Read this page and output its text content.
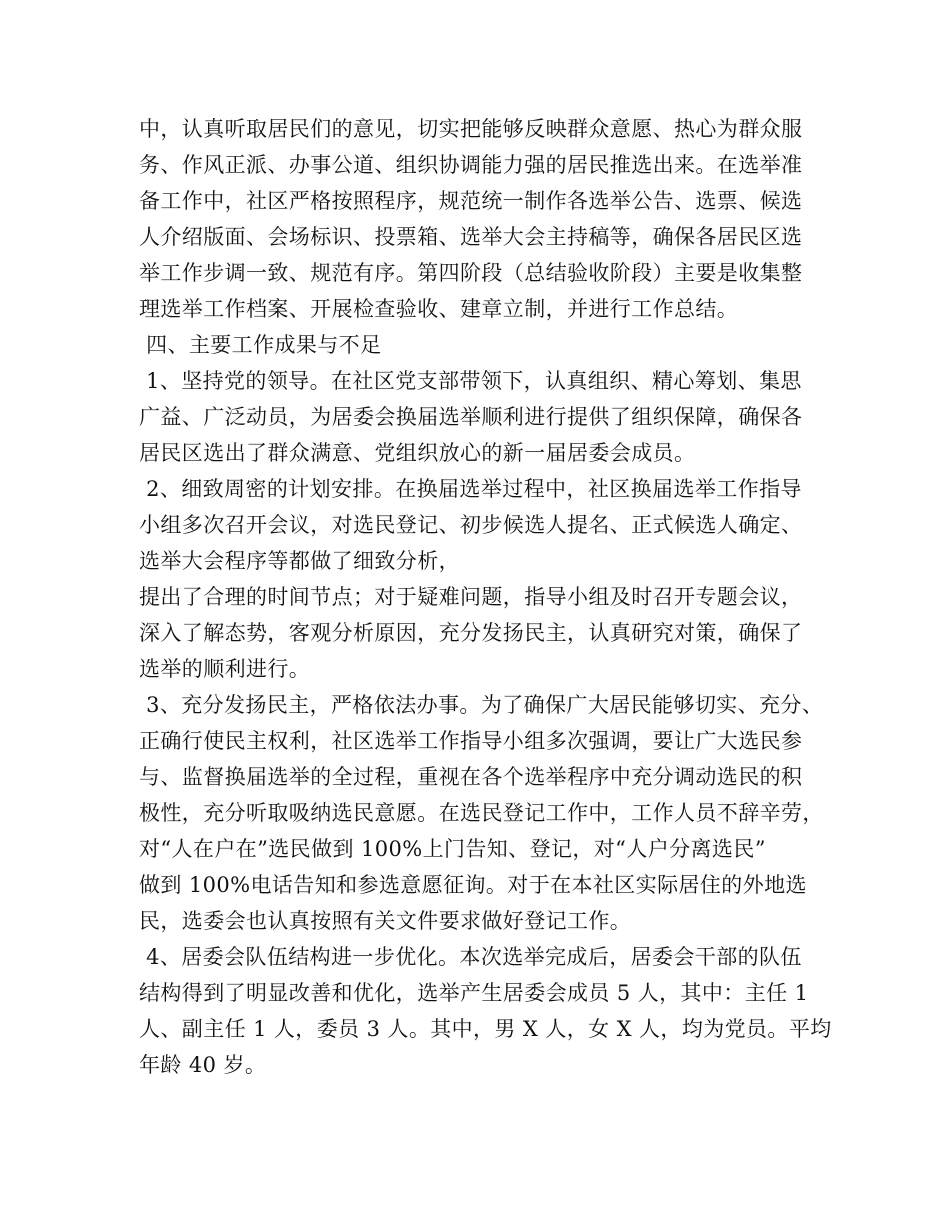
中，认真听取居民们的意见，切实把能够反映群众意愿、热心为群众服
务、作风正派、办事公道、组织协调能力强的居民推选出来。在选举准
备工作中，社区严格按照程序，规范统一制作各选举公告、选票、候选
人介绍版面、会场标识、投票箱、选举大会主持稿等，确保各居民区选
举工作步调一致、规范有序。第四阶段（总结验收阶段）主要是收集整
理选举工作档案、开展检查验收、建章立制，并进行工作总结。
四、主要工作成果与不足
1、坚持党的领导。在社区党支部带领下，认真组织、精心筹划、集思
广益、广泛动员，为居委会换届选举顺利进行提供了组织保障，确保各
居民区选出了群众满意、党组织放心的新一届居委会成员。
2、细致周密的计划安排。在换届选举过程中，社区换届选举工作指导
小组多次召开会议，对选民登记、初步候选人提名、正式候选人确定、
选举大会程序等都做了细致分析，
提出了合理的时间节点；对于疑难问题，指导小组及时召开专题会议，
深入了解态势，客观分析原因，充分发扬民主，认真研究对策，确保了
选举的顺利进行。
3、充分发扬民主，严格依法办事。为了确保广大居民能够切实、充分、
正确行使民主权利，社区选举工作指导小组多次强调，要让广大选民参
与、监督换届选举的全过程，重视在各个选举程序中充分调动选民的积
极性，充分听取吸纳选民意愿。在选民登记工作中，工作人员不辞辛劳，
对“人在户在”选民做到 100%上门告知、登记，对“人户分离选民”
做到 100%电话告知和参选意愿征询。对于在本社区实际居住的外地选
民，选委会也认真按照有关文件要求做好登记工作。
4、居委会队伍结构进一步优化。本次选举完成后，居委会干部的队伍
结构得到了明显改善和优化，选举产生居委会成员 5 人，其中：主任 1
人、副主任 1 人，委员 3 人。其中，男 X 人，女 X 人，均为党员。平均
年龄 40 岁。
